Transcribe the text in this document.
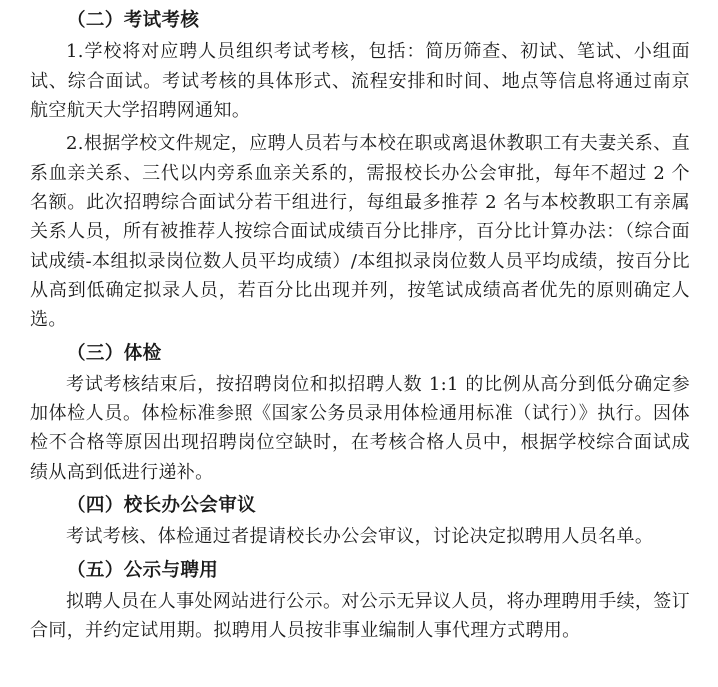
（二）考试考核

1.学校将对应聘人员组织考试考核，包括：简历筛查、初试、笔试、小组面试、综合面试。考试考核的具体形式、流程安排和时间、地点等信息将通过南京航空航天大学招聘网通知。

2.根据学校文件规定，应聘人员若与本校在职或离退休教职工有夫妻关系、直系血亲关系、三代以内旁系血亲关系的，需报校长办公会审批，每年不超过 2 个名额。此次招聘综合面试分若干组进行，每组最多推荐 2 名与本校教职工有亲属关系人员，所有被推荐人按综合面试成绩百分比排序，百分比计算办法：（综合面试成绩-本组拟录岗位数人员平均成绩）/本组拟录岗位数人员平均成绩，按百分比从高到低确定拟录人员，若百分比出现并列，按笔试成绩高者优先的原则确定人选。

（三）体检

考试考核结束后，按招聘岗位和拟招聘人数 1:1 的比例从高分到低分确定参加体检人员。体检标准参照《国家公务员录用体检通用标准（试行）》执行。因体检不合格等原因出现招聘岗位空缺时，在考核合格人员中，根据学校综合面试成绩从高到低进行递补。

（四）校长办公会审议

考试考核、体检通过者提请校长办公会审议，讨论决定拟聘用人员名单。

（五）公示与聘用

拟聘人员在人事处网站进行公示。对公示无异议人员，将办理聘用手续，签订合同，并约定试用期。拟聘用人员按非事业编制人事代理方式聘用。
